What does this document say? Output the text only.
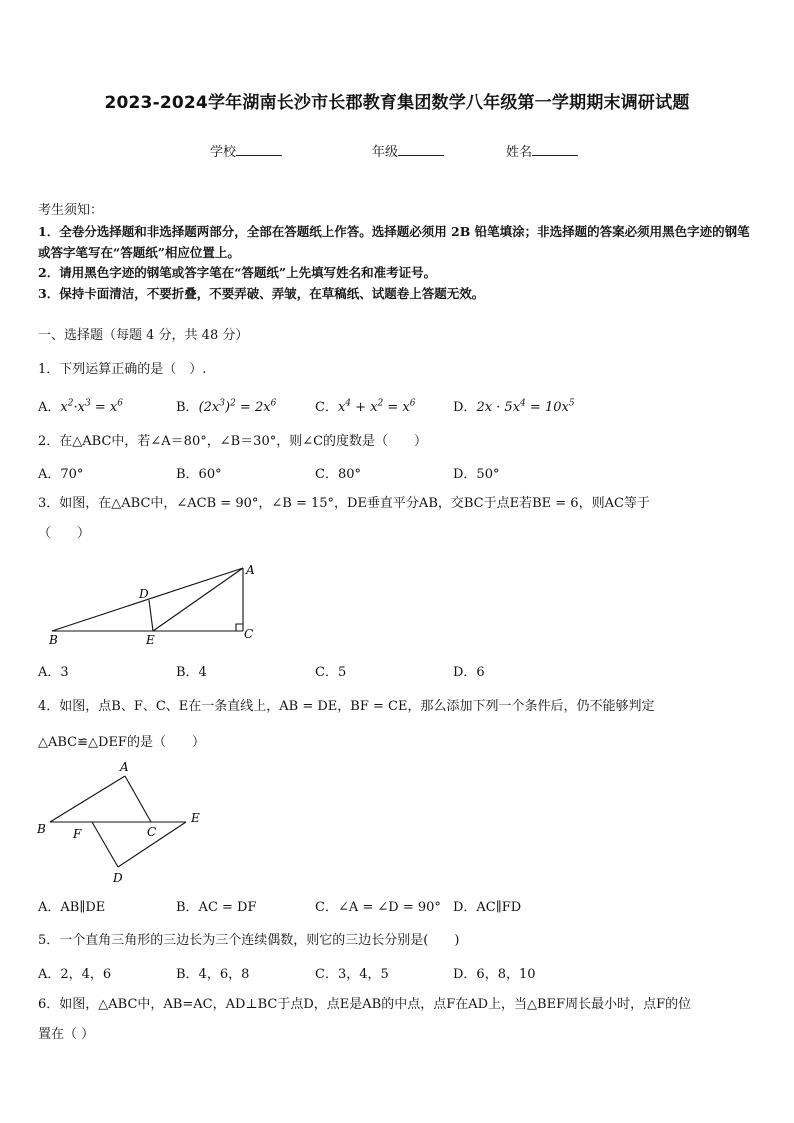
2023-2024学年湖南长沙市长郡教育集团数学八年级第一学期期末调研试题
学校	年级	姓名
考生须知：
1．全卷分选择题和非选择题两部分，全部在答题纸上作答。选择题必须用 2B 铅笔填涂；非选择题的答案必须用黑色字迹的钢笔或答字笔写在“答题纸”相应位置上。
2．请用黑色字迹的钢笔或答字笔在“答题纸”上先填写姓名和准考证号。
3．保持卡面清洁，不要折叠，不要弄破、弄皱，在草稿纸、试题卷上答题无效。
一、选择题（每题 4 分，共 48 分）
1．下列运算正确的是（　）.
A．$x^2\cdot x^3 = x^6$	B．$(2x^3)^2 = 2x^6$	C．$x^4 + x^2 = x^6$	D．$2x \cdot 5x^4 = 10x^5$
2．在△ABC中，若∠A＝80°，∠B＝30°，则∠C的度数是（　　）
A．70°	B．60°	C．80°	D．50°
3．如图，在△ABC中，∠ACB = 90°，∠B = 15°，DE垂直平分AB，交BC于点E若BE = 6，则AC等于
（　　）
A
B	C
D
E
A．3	B．4	C．5	D．6
4．如图，点B、F、C、E在一条直线上，AB = DE，BF = CE，那么添加下列一个条件后，仍不能够判定
△ABC≌△DEF的是（　　）
A
B	C
D
E
F
A．AB∥DE	B．AC = DF	C．∠A = ∠D = 90° D．AC∥FD
5．一个直角三角形的三边长为三个连续偶数，则它的三边长分别是(　　)
A．2，4，6	B．4，6，8	C．3，4，5	D．6，8，10
6．如图，△ABC中，AB=AC，AD⊥BC于点D，点E是AB的中点，点F在AD上，当△BEF周长最小时，点F的位
置在（ ）
